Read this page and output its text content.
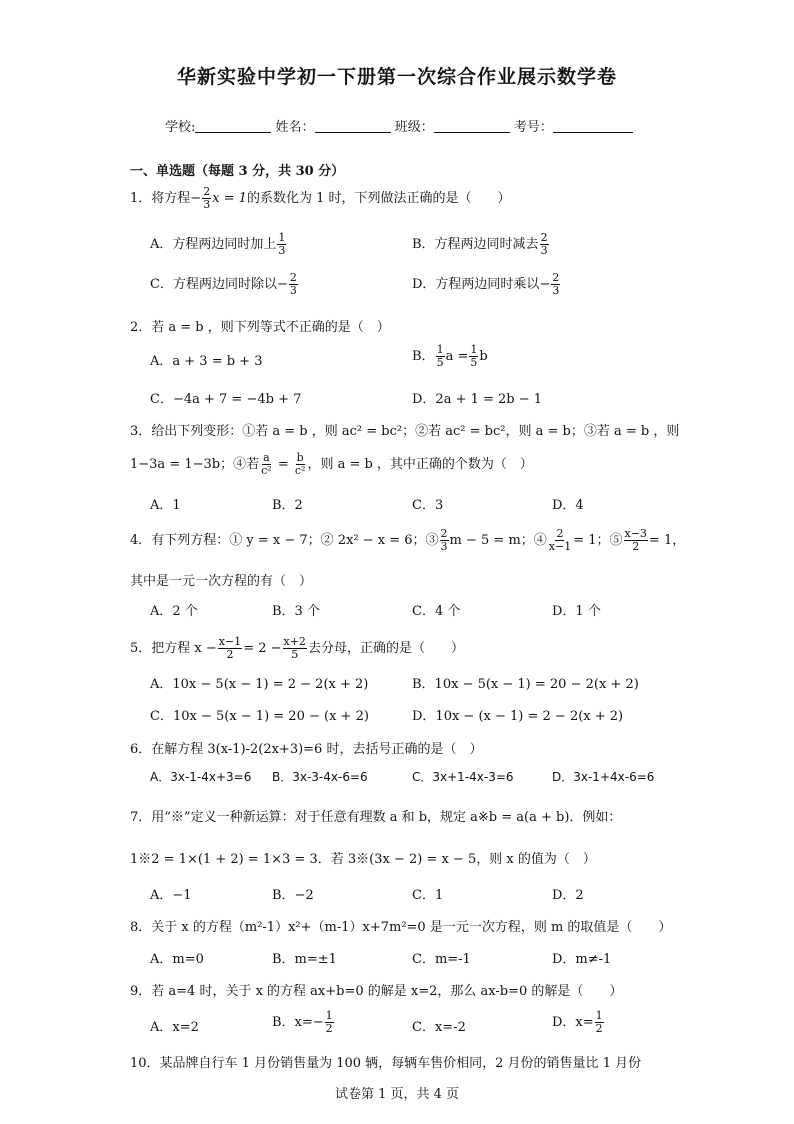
华新实验中学初一下册第一次综合作业展示数学卷
学校:	姓名：	班级：	考号：
一、单选题（每题 3 分，共 30 分）
1．将方程− $\frac{2}{3}$ x = 1的系数化为 1 时，下列做法正确的是（　　）
A．方程两边同时加上 $\frac{1}{3}$	B．方程两边同时减去 $\frac{2}{3}$
C．方程两边同时除以− $\frac{2}{3}$	D．方程两边同时乘以− $\frac{2}{3}$
2．若 a = b ，则下列等式不正确的是（　）
A．a + 3 = b + 3	B． $\frac{1}{5}$ $a = \frac{1}{5}$ b
C．−4a + 7 = −4b + 7	D．2a + 1 = 2b − 1
3．给出下列变形：①若 a = b ，则 ac² = bc²；②若 ac² = bc²，则 a = b；③若 a = b ，则
1−3a = 1−3b；④若 $\frac{a}{\text{c²}} = \frac{b}{\text{c²}}$ ，则 a = b ，其中正确的个数为（　）
A．1	B．2	C．3	D．4
4．有下列方程：① y = x − 7；② 2x² − x = 6；③ $\frac{2}{3}$ m − 5 = m；④ $\frac{2}{x-1} = 1$；⑤ $\frac{x-3}{2} = 1$，
其中是一元一次方程的有（　）
A．2 个	B．3 个	C．4 个	D．1 个
5．把方程 $x - \frac{x-1}{2} = 2 - \frac{x+2}{5}$ 去分母，正确的是（　　）
A．10x − 5(x − 1) = 2 − 2(x + 2)	B．10x − 5(x − 1) = 20 − 2(x + 2)
C．10x − 5(x − 1) = 20 − (x + 2)	D．10x − (x − 1) = 2 − 2(x + 2)
6．在解方程 3(x-1)-2(2x+3)=6 时，去括号正确的是（　）
A．3x-1-4x+3=6 B．3x-3-4x-6=6	C．3x+1-4x-3=6	D．3x-1+4x-6=6
7．用“※”定义一种新运算：对于任意有理数 a 和 b，规定 a※b = a(a + b)．例如：
1※2 = 1×(1 + 2) = 1×3 = 3．若 3※(3x − 2) = x − 5，则 x 的值为（　）
A．−1	B．−2	C．1	D．2
8．关于 x 的方程（m²-1）x²+（m-1）x+7m²=0 是一元一次方程，则 m 的取值是（　　）
A．m=0	B．m=±1	C．m=-1	D．m≠-1
9．若 a=4 时，关于 x 的方程 ax+b=0 的解是 x=2，那么 ax-b=0 的解是（　　）
A．x=2	B．$x=- \frac{1}{2}$	C．x=-2	D．$x= \frac{1}{2}$
10．某品牌自行车 1 月份销售量为 100 辆，每辆车售价相同，2 月份的销售量比 1 月份
试卷第 1 页，共 4 页
